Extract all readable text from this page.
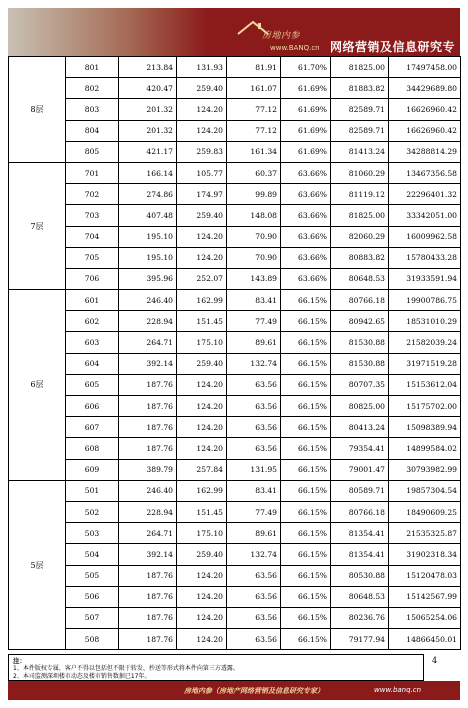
房地内参
www.BANQ.cn 网络营销及信息研究专家
8层	801	213.84	131.93	81.91	61.70%	81825.00	17497458.00
	802	420.47	259.40	161.07	61.69%	81883.82	34429689.80
	803	201.32	124.20	77.12	61.69%	82589.71	16626960.42
	804	201.32	124.20	77.12	61.69%	82589.71	16626960.42
	805	421.17	259.83	161.34	61.69%	81413.24	34288814.29
7层	701	166.14	105.77	60.37	63.66%	81060.29	13467356.58
	702	274.86	174.97	99.89	63.66%	81119.12	22296401.32
	703	407.48	259.40	148.08	63.66%	81825.00	33342051.00
	704	195.10	124.20	70.90	63.66%	82060.29	16009962.58
	705	195.10	124.20	70.90	63.66%	80883.82	15780433.28
	706	395.96	252.07	143.89	63.66%	80648.53	31933591.94
6层	601	246.40	162.99	83.41	66.15%	80766.18	19900786.75
	602	228.94	151.45	77.49	66.15%	80942.65	18531010.29
	603	264.71	175.10	89.61	66.15%	81530.88	21582039.24
	604	392.14	259.40	132.74	66.15%	81530.88	31971519.28
	605	187.76	124.20	63.56	66.15%	80707.35	15153612.04
	606	187.76	124.20	63.56	66.15%	80825.00	15175702.00
	607	187.76	124.20	63.56	66.15%	80413.24	15098389.94
	608	187.76	124.20	63.56	66.15%	79354.41	14899584.02
	609	389.79	257.84	131.95	66.15%	79001.47	30793982.99
5层	501	246.40	162.99	83.41	66.15%	80589.71	19857304.54
	502	228.94	151.45	77.49	66.15%	80766.18	18490609.25
	503	264.71	175.10	89.61	66.15%	81354.41	21535325.87
	504	392.14	259.40	132.74	66.15%	81354.41	31902318.34
	505	187.76	124.20	63.56	66.15%	80530.88	15120478.03
	506	187.76	124.20	63.56	66.15%	80648.53	15142567.99
	507	187.76	124.20	63.56	66.15%	80236.76	15065254.06
	508	187.76	124.20	63.56	66.15%	79177.94	14866450.01
注：
1、本件版权专属，客户不得以包括但不限于转发、抄送等形式将本件向第三方透露。
2、本司监测深圳楼市动态及楼市销售数据已17年。
4
房地内参（房地产网络营销及信息研究专家）	www.banq.cn
